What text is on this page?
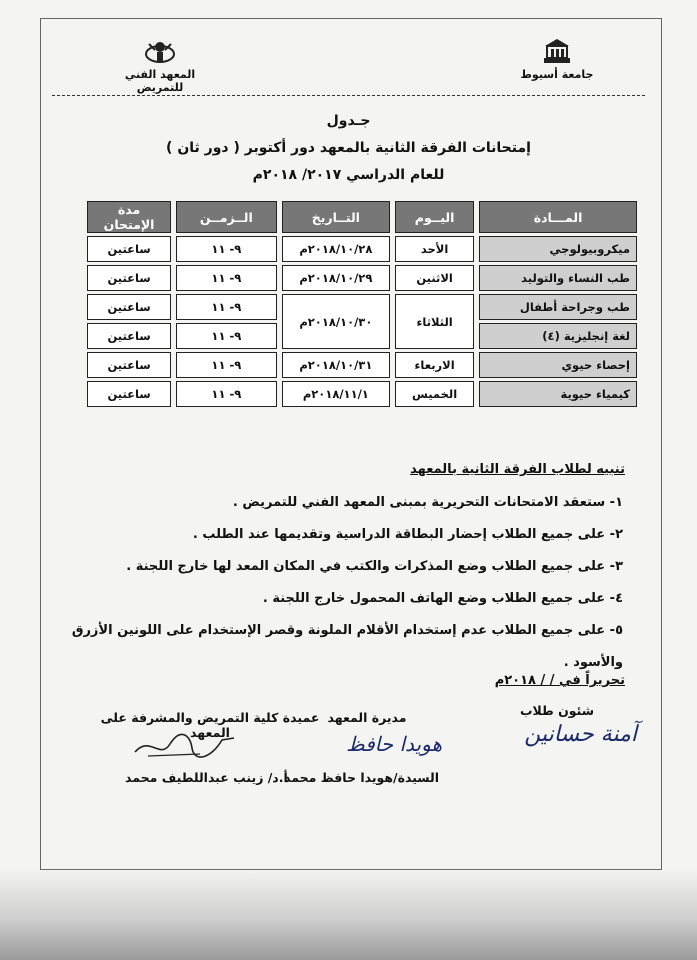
جامعة أسيوط
المعهد الفني للتمريض
جـدول
إمتحانات الفرقة الثانية بالمعهد دور أكتوبر ( دور ثان )
للعام الدراسي ٢٠١٧/ ٢٠١٨م
المـــادة	اليــوم	التــاريخ	الــزمــن	مدة الإمتحان
ميكروبيولوجي	الأحد	٢٠١٨/١٠/٢٨م	٩- ١١	ساعتين
طب النساء والتوليد	الاثنين	٢٠١٨/١٠/٢٩م	٩- ١١	ساعتين
طب وجراحة أطفال	الثلاثاء	٢٠١٨/١٠/٣٠م	٩- ١١	ساعتين
لغة إنجليزية (٤)			٩- ١١	ساعتين
إحصاء حيوي	الاربعاء	٢٠١٨/١٠/٣١م	٩- ١١	ساعتين
كيمياء حيوية	الخميس	٢٠١٨/١١/١م	٩- ١١	ساعتين
تنبيه لطلاب الفرقة الثانية بالمعهد
١- ستعقد الامتحانات التحريرية بمبنى المعهد الفني للتمريض .
٢- على جميع الطلاب إحضار البطاقة الدراسية وتقديمها عند الطلب .
٣- على جميع الطلاب وضع المذكرات والكتب في المكان المعد لها خارج اللجنة .
٤- على جميع الطلاب وضع الهاتف المحمول خارج اللجنة .
٥- على جميع الطلاب عدم إستخدام الأقلام الملونة وقصر الإستخدام على اللونين الأزرق والأسود .
تحريراً في / / ٢٠١٨م
شئون طلاب
آمنة حسانين
مديرة المعهد
هويدا حافظ
السيدة/هويدا حافظ محمد
عميدة كلية التمريض والمشرفة على المعهد
أ.د/ زينب عبداللطيف محمد
